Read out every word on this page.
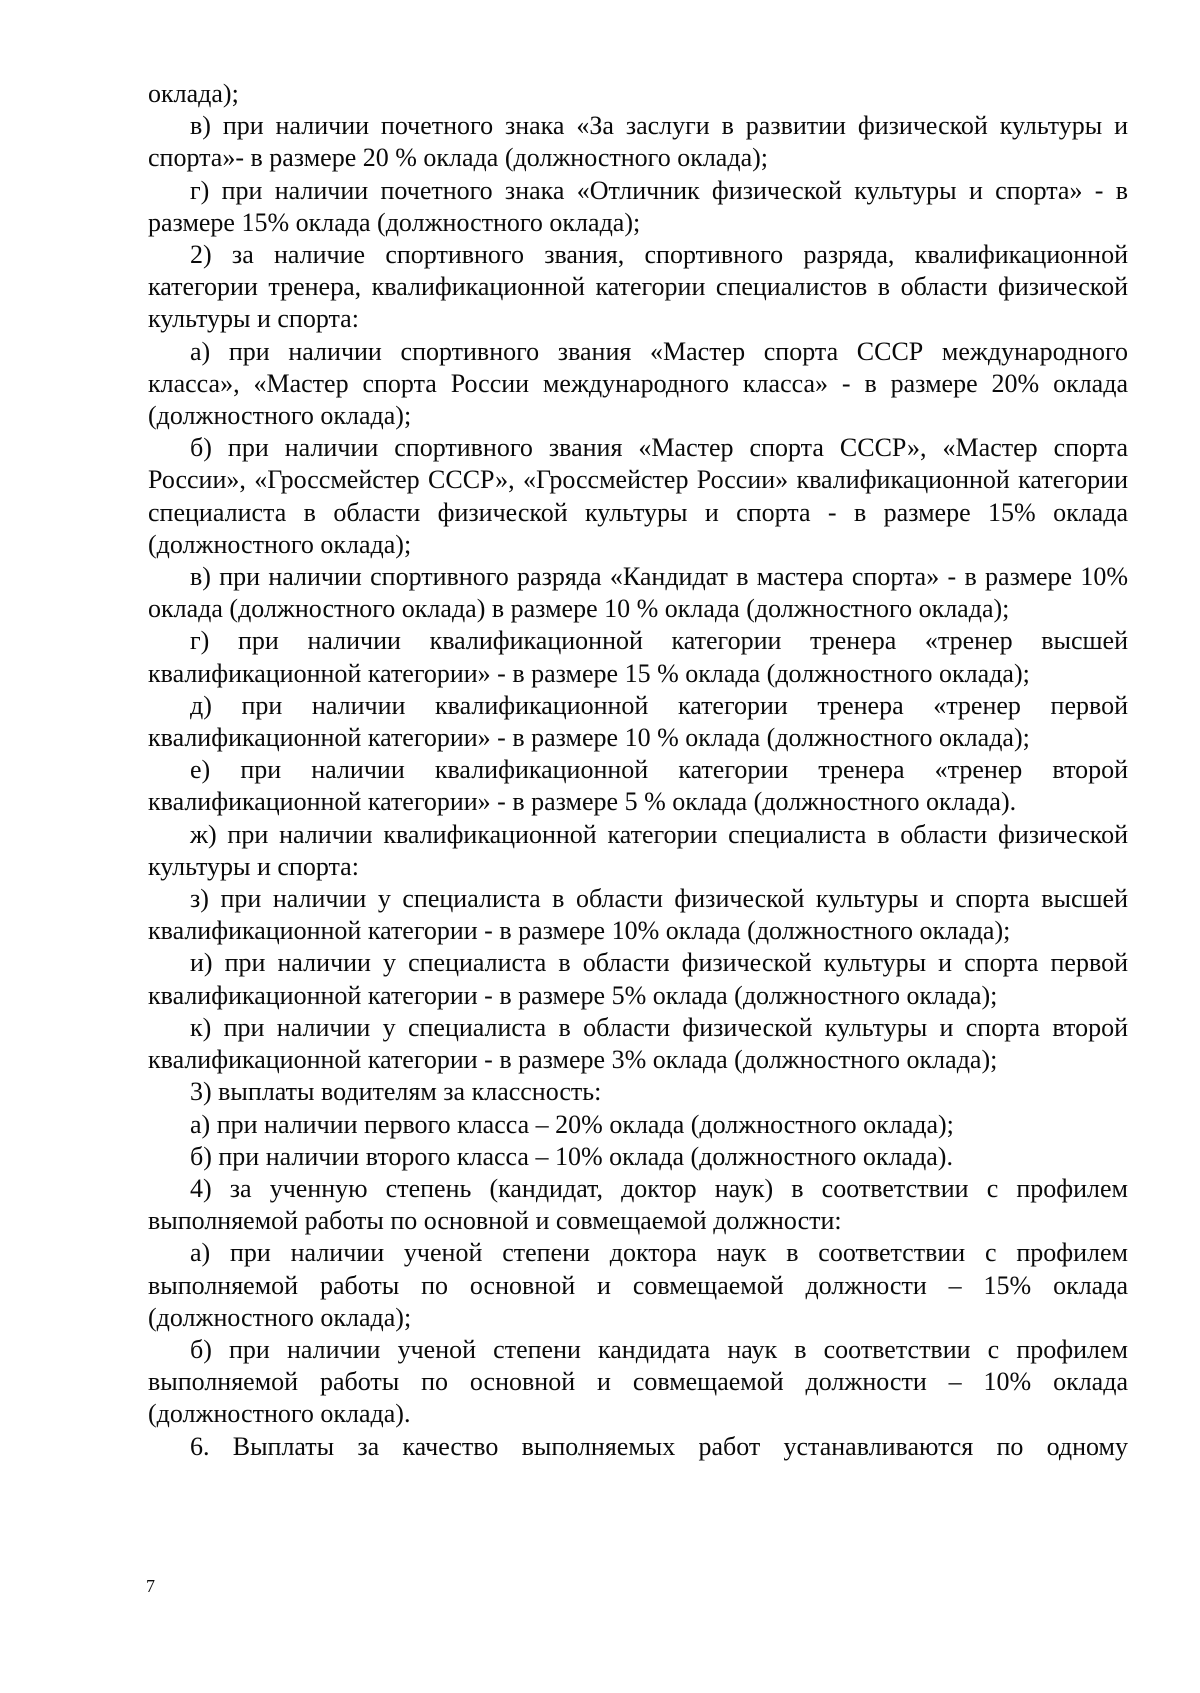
оклада);

в) при наличии почетного знака «За заслуги в развитии физической культуры и спорта»- в размере 20 % оклада (должностного оклада);

г) при наличии почетного знака «Отличник физической культуры и спорта» - в размере 15% оклада (должностного оклада);

2) за наличие спортивного звания, спортивного разряда, квалификационной категории тренера, квалификационной категории специалистов в области физической культуры и спорта:

а) при наличии спортивного звания «Мастер спорта СССР международного класса», «Мастер спорта России международного класса» - в размере 20% оклада (должностного оклада);

б) при наличии спортивного звания «Мастер спорта СССР», «Мастер спорта России», «Гроссмейстер СССР», «Гроссмейстер России» квалификационной категории специалиста в области физической культуры и спорта - в размере 15% оклада (должностного оклада);

в) при наличии спортивного разряда «Кандидат в мастера спорта» - в размере 10% оклада (должностного оклада) в размере 10 % оклада (должностного оклада);

г) при наличии квалификационной категории тренера «тренер высшей квалификационной категории» - в размере 15 % оклада (должностного оклада);

д) при наличии квалификационной категории тренера «тренер первой квалификационной категории» - в размере 10 % оклада (должностного оклада);

е) при наличии квалификационной категории тренера «тренер второй квалификационной категории» - в размере 5 % оклада (должностного оклада).

ж) при наличии квалификационной категории специалиста в области физической культуры и спорта:

з) при наличии у специалиста в области физической культуры и спорта высшей квалификационной категории - в размере 10% оклада (должностного оклада);

и) при наличии у специалиста в области физической культуры и спорта первой квалификационной категории - в размере 5% оклада (должностного оклада);

к) при наличии у специалиста в области физической культуры и спорта второй квалификационной категории - в размере 3% оклада (должностного оклада);

3) выплаты водителям за классность:

а) при наличии первого класса – 20% оклада (должностного оклада);

б) при наличии второго класса – 10% оклада (должностного оклада).

4) за ученную степень (кандидат, доктор наук) в соответствии с профилем выполняемой работы по основной и совмещаемой должности:

а) при наличии ученой степени доктора наук в соответствии с профилем выполняемой работы по основной и совмещаемой должности – 15% оклада (должностного оклада);

б) при наличии ученой степени кандидата наук в соответствии с профилем выполняемой работы по основной и совмещаемой должности – 10% оклада (должностного оклада).

6. Выплаты за качество выполняемых работ устанавливаются по одному

7
